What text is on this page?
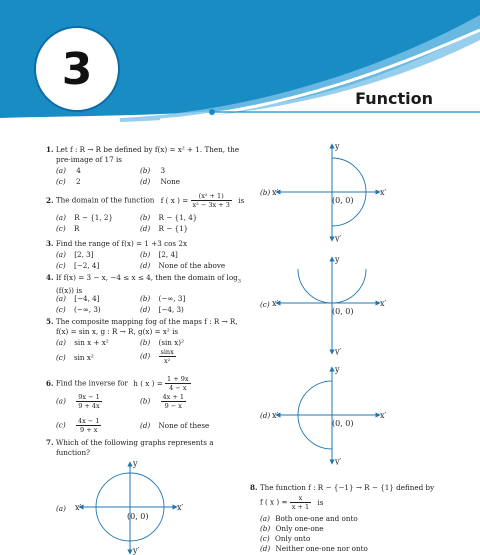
3
Function
1. Let f : R → R be defined by f(x) = x² + 1. Then, the
pre-image of 17 is
(a) 4	(b) 3
(c) 2	(d) None
2. The domain of the function f ( x ) = $\frac{\text{(x² + 1)}}{\text{x² − 3x + 3}}$ is
(a) R − {1, 2}	(b) R − {1, 4}
(c) R	(d) R − {1}
3. Find the range of f(x) = 1 +3 cos 2x
(a) [2, 3]	(b) [2, 4]
(c) [−2, 4]	(d) None of the above
4. If f(x) = 3 − x, −4 ≤ x ≤ 4, then the domain of $\log_3$
(f(x)) is
(a) [−4, 4]	(b) (−∞, 3]
(c) (−∞, 3)	(d) [−4, 3)
5. The composite mapping fog of the maps f : R → R,
f(x) = sin x, g : R → R, g(x) = x² is
(a) sin x + x²	(b) (sin x)²
(c) sin x²	$(d) \frac{\sin x}{\text{x²}}$
6. Find the inverse for h ( x ) = $\frac{1 + 9x}{4 - x}$
$(a) \frac{9x - 1}{9 + 4x}$	$(b) \frac{4x + 1}{9 - x}$
$(c) \frac{4x - 1}{9 + x}$	(d) None of these
7. Which of the following graphs represents a
function?
(a)
y
y′
x′	x′
(0, 0)
(b)
y
y′
x′	x′
(0, 0)
(c)
y
y′
x′	x′
(0, 0)
(d)
y
y′
x′	x′
(0, 0)
8. The function f : R − {−1} → R − {1} defined by
f ( x ) = $\frac{x}{x + 1}$ is
(a) Both one-one and onto
(b) Only one-one
(c) Only onto
(d) Neither one-one nor onto
